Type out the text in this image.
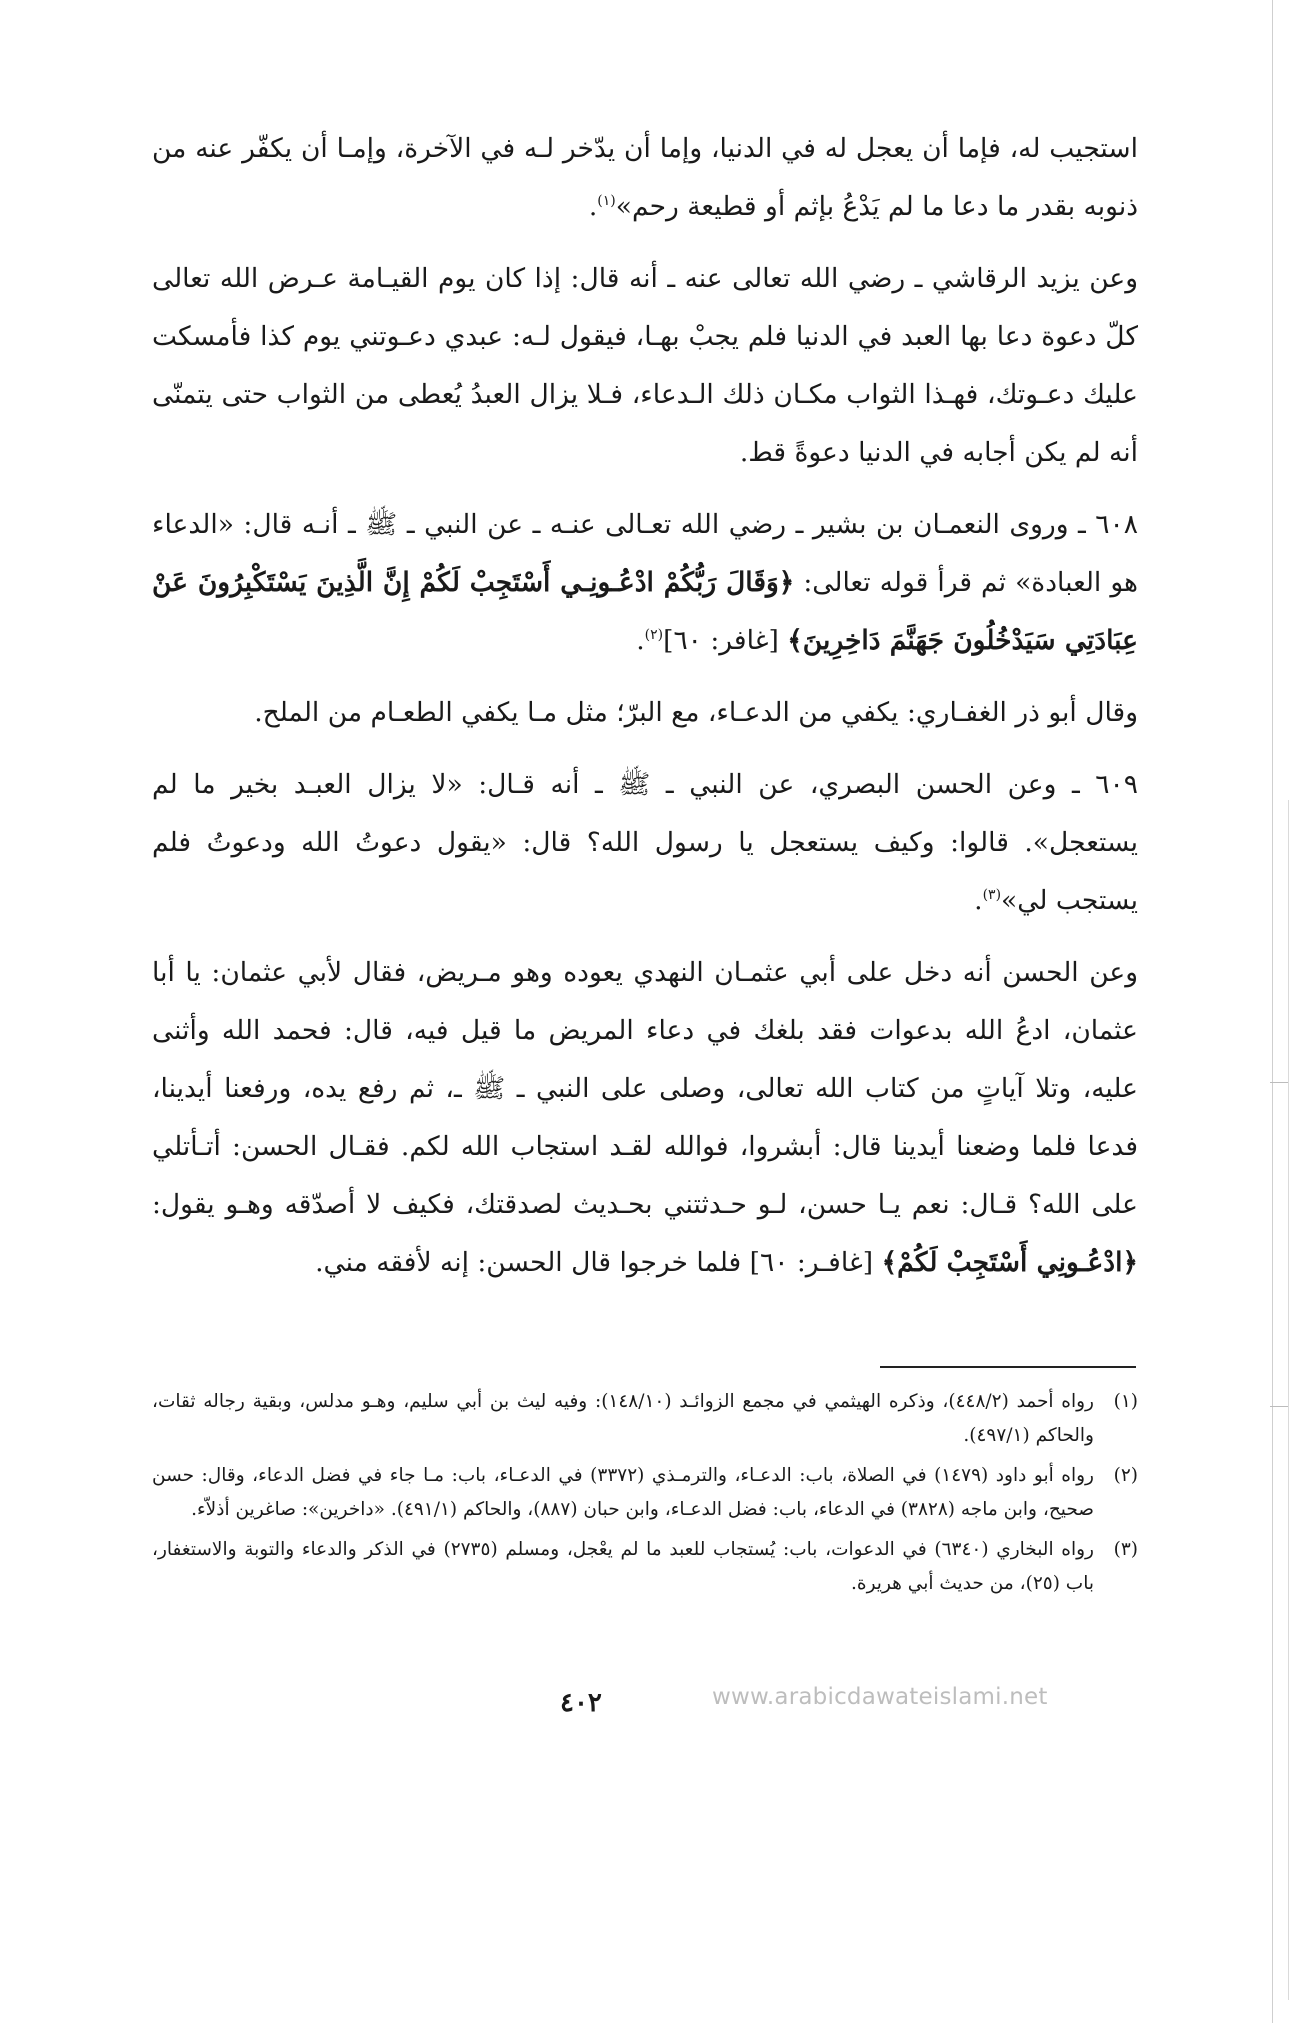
استجيب له، فإما أن يعجل له في الدنيا، وإما أن يدّخر لـه في الآخرة، وإمـا أن يكفّر عنه من ذنوبه بقدر ما دعا ما لم يَدْعُ بإثم أو قطيعة رحم»$^{(١)}$.

وعن يزيد الرقاشي ـ رضي الله تعالى عنه ـ أنه قال: إذا كان يوم القيـامة عـرض الله تعالى كلّ دعوة دعا بها العبد في الدنيا فلم يجبْ بهـا، فيقول لـه: عبدي دعـوتني يوم كذا فأمسكت عليك دعـوتك، فهـذا الثواب مكـان ذلك الـدعاء، فـلا يزال العبدُ يُعطى من الثواب حتى يتمنّى أنه لم يكن أجابه في الدنيا دعوةً قط.

٦٠٨ ـ وروى النعمـان بن بشير ـ رضي الله تعـالى عنـه ـ عن النبي ـ ﷺ ـ أنـه قال: «الدعاء هو العبادة» ثم قرأ قوله تعالى: ﴿وَقَالَ رَبُّكُمْ ادْعُـونِـي أَسْتَجِبْ لَكُمْ إِنَّ الَّذِينَ يَسْتَكْبِرُونَ عَنْ عِبَادَتِي سَيَدْخُلُونَ جَهَنَّمَ دَاخِرِينَ﴾ [غافر: ٦٠]$^{(٢)}$.

وقال أبو ذر الغفـاري: يكفي من الدعـاء، مع البرّ؛ مثل مـا يكفي الطعـام من الملح.

٦٠٩ ـ وعن الحسن البصري، عن النبي ـ ﷺ ـ أنه قـال: «لا يزال العبـد بخير ما لم يستعجل». قالوا: وكيف يستعجل يا رسول الله؟ قال: «يقول دعوتُ الله ودعوتُ فلم يستجب لي»$^{(٣)}$.

وعن الحسن أنه دخل على أبي عثمـان النهدي يعوده وهو مـريض، فقال لأبي عثمان: يا أبا عثمان، ادعُ الله بدعوات فقد بلغك في دعاء المريض ما قيل فيه، قال: فحمد الله وأثنى عليه، وتلا آياتٍ من كتاب الله تعالى، وصلى على النبي ـ ﷺ ـ، ثم رفع يده، ورفعنا أيدينا، فدعا فلما وضعنا أيدينا قال: أبشروا، فوالله لقـد استجاب الله لكم. فقـال الحسن: أتـأتلي على الله؟ قـال: نعم يـا حسن، لـو حـدثتني بحـديث لصدقتك، فكيف لا أصدّقه وهـو يقول: ﴿ادْعُـونِي أَسْتَجِبْ لَكُمْ﴾ [غافـر: ٦٠] فلما خرجوا قال الحسن: إنه لأفقه مني.

(١)
رواه أحمد (٤٤٨/٢)، وذكره الهيثمي في مجمع الزوائـد (١٤٨/١٠): وفيه ليث بن أبي سليم، وهـو مدلس، وبقية رجاله ثقات، والحاكم (٤٩٧/١).
(٢)
رواه أبو داود (١٤٧٩) في الصلاة، باب: الدعـاء، والترمـذي (٣٣٧٢) في الدعـاء، باب: مـا جاء في فضل الدعاء، وقال: حسن صحيح، وابن ماجه (٣٨٢٨) في الدعاء، باب: فضل الدعـاء، وابن حبان (٨٨٧)، والحاكم (٤٩١/١). «داخرين»: صاغرين أذلاّء.
(٣)
رواه البخاري (٦٣٤٠) في الدعوات، باب: يُستجاب للعبد ما لم يعْجل، ومسلم (٢٧٣٥) في الذكر والدعاء والتوبة والاستغفار، باب (٢٥)، من حديث أبي هريرة.
٤٠٢	www.arabicdawateislami.net
